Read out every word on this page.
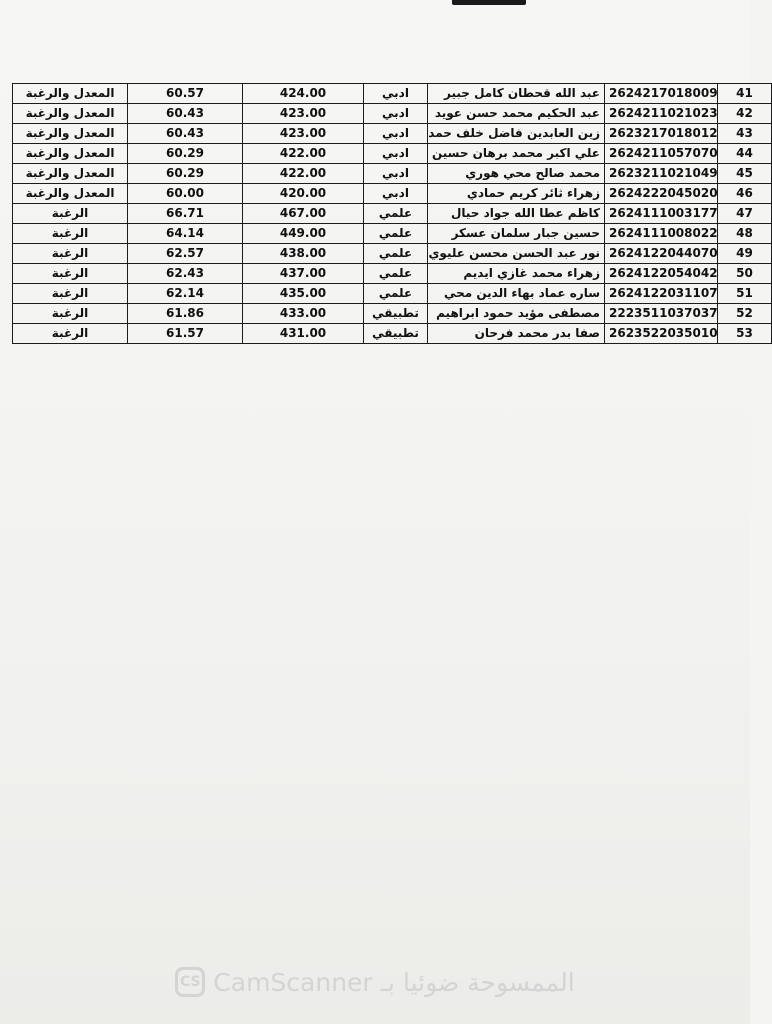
المعدل والرغبة	60.57	424.00	ادبي	عبد الله قحطان كامل جبير	2624217018009	41
المعدل والرغبة	60.43	423.00	ادبي	عبد الحكيم محمد حسن عويد	2624211021023	42
المعدل والرغبة	60.43	423.00	ادبي	زين العابدين فاضل خلف حمد	2623217018012	43
المعدل والرغبة	60.29	422.00	ادبي	علي اكبر محمد برهان حسين	2624211057070	44
المعدل والرغبة	60.29	422.00	ادبي	محمد صالح محي هوري	2623211021049	45
المعدل والرغبة	60.00	420.00	ادبي	زهراء ثائر كريم حمادي	2624222045020	46
الرغبة	66.71	467.00	علمي	كاظم عطا الله جواد حيال	2624111003177	47
الرغبة	64.14	449.00	علمي	حسين جبار سلمان عسكر	2624111008022	48
الرغبة	62.57	438.00	علمي	نور عبد الحسن محسن عليوي	2624122044070	49
الرغبة	62.43	437.00	علمي	زهراء محمد غازي ايديم	2624122054042	50
الرغبة	62.14	435.00	علمي	ساره عماد بهاء الدين محي	2624122031107	51
الرغبة	61.86	433.00	تطبيقي	مصطفى مؤيد حمود ابراهيم	2223511037037	52
الرغبة	61.57	431.00	تطبيقي	صفا بدر محمد فرحان	2623522035010	53
CS CamScanner الممسوحة ضوئيا بـ
